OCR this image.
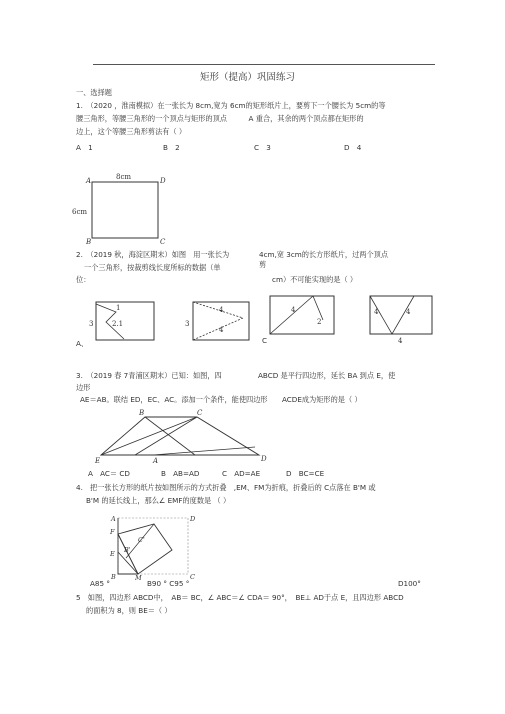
矩形（提高）巩固练习
一、选择题
1.　（2020 ，淮南模拟）在一张长为 8cm,宽为 6cm的矩形纸片上，要剪下一个腰长为 5cm的等
腰三角形，等腰三角形的一个顶点与矩形的顶点　　　A 重合，其余的两个顶点都在矩形的
边上，这个等腰三角形剪法有（ ）
A　1	B　2	C　3	D　4
8cm
6cm
A	D
B	C
2.　（2019 秋，海淀区期末）如图　用一张长为	4cm,宽 3cm的长方形纸片，过两个顶点
剪
一个三角形，按裁剪线长度所标的数据（单
位：	cm）不可能实现的是（ ）
3
1
2.1	3
4
4
4
2
4	4
4
A、	C
3.　（2019 春 7青浦区期末）已知：如图，四	ABCD 是平行四边形，延长 BA 到点 E，使
边形
AE＝AB。联结 ED，EC、AC。添加一个条件，能使四边形　　ACDE成为矩形的是（ ）
E	A
B	C
D
A　AC＝ CD	B　AB=AD	C　AD=AE	D　BC=CE
4.　把一张长方形的纸片按如图所示的方式折叠　,EM、FM为折痕，折叠后的 C点落在 B'M 或
B'M 的延长线上，那么∠ EMF的度数是 （ ）
A	D
E
B	M	C
F
B'
C'
A85 °	B90 ° C95 °	D100°
5　如图，四边形 ABCD中，　AB＝ BC，∠ ABC＝∠ CDA＝ 90°，　BE⊥ AD于点 E，且四边形 ABCD
的面积为 8，则 BE＝（ ）
